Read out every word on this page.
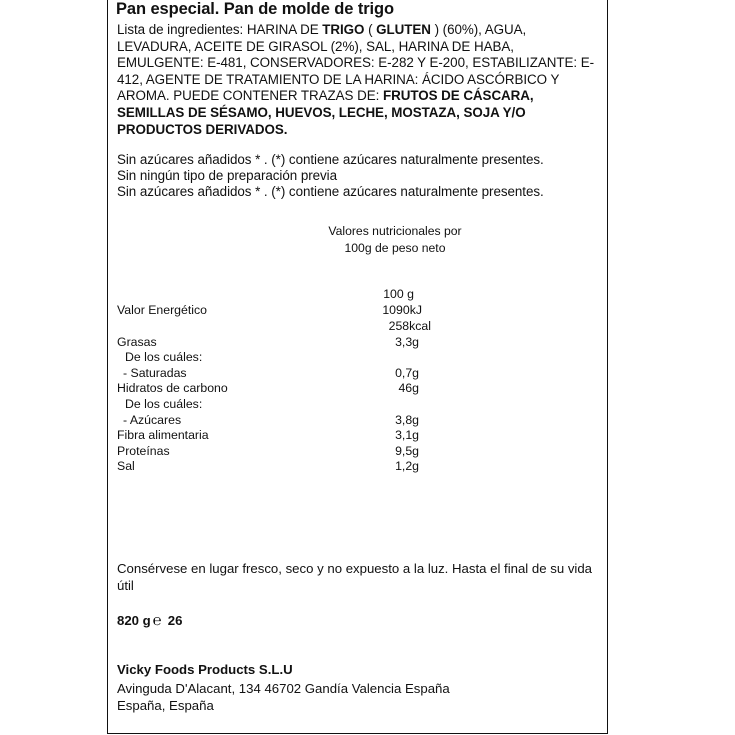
Pan especial. Pan de molde de trigo

Lista de ingredientes: HARINA DE TRIGO ( GLUTEN ) (60%), AGUA, LEVADURA, ACEITE DE GIRASOL (2%), SAL, HARINA DE HABA, EMULGENTE: E-481, CONSERVADORES: E-282 Y E-200, ESTABILIZANTE: E-412, AGENTE DE TRATAMIENTO DE LA HARINA: ÁCIDO ASCÓRBICO Y AROMA. PUEDE CONTENER TRAZAS DE: FRUTOS DE CÁSCARA, SEMILLAS DE SÉSAMO, HUEVOS, LECHE, MOSTAZA, SOJA Y/O PRODUCTOS DERIVADOS.

Sin azúcares añadidos * . (*) contiene azúcares naturalmente presentes.

Sin ningún tipo de preparación previa

Sin azúcares añadidos * . (*) contiene azúcares naturalmente presentes.

Valores nutricionales por
100g de peso neto
100 g
Valor Energético	1090kJ
258kcal
Grasas	3,3g
De los cuáles:
- Saturadas	0,7g
Hidratos de carbono	46g
De los cuáles:
- Azúcares	3,8g
Fibra alimentaria	3,1g
Proteínas	9,5g
Sal	1,2g

Consérvese en lugar fresco, seco y no expuesto a la luz. Hasta el final de su vida útil

820 g ℮ 26
Vicky Foods Products S.L.U
Avinguda D'Alacant, 134 46702 Gandía Valencia España
España, España
